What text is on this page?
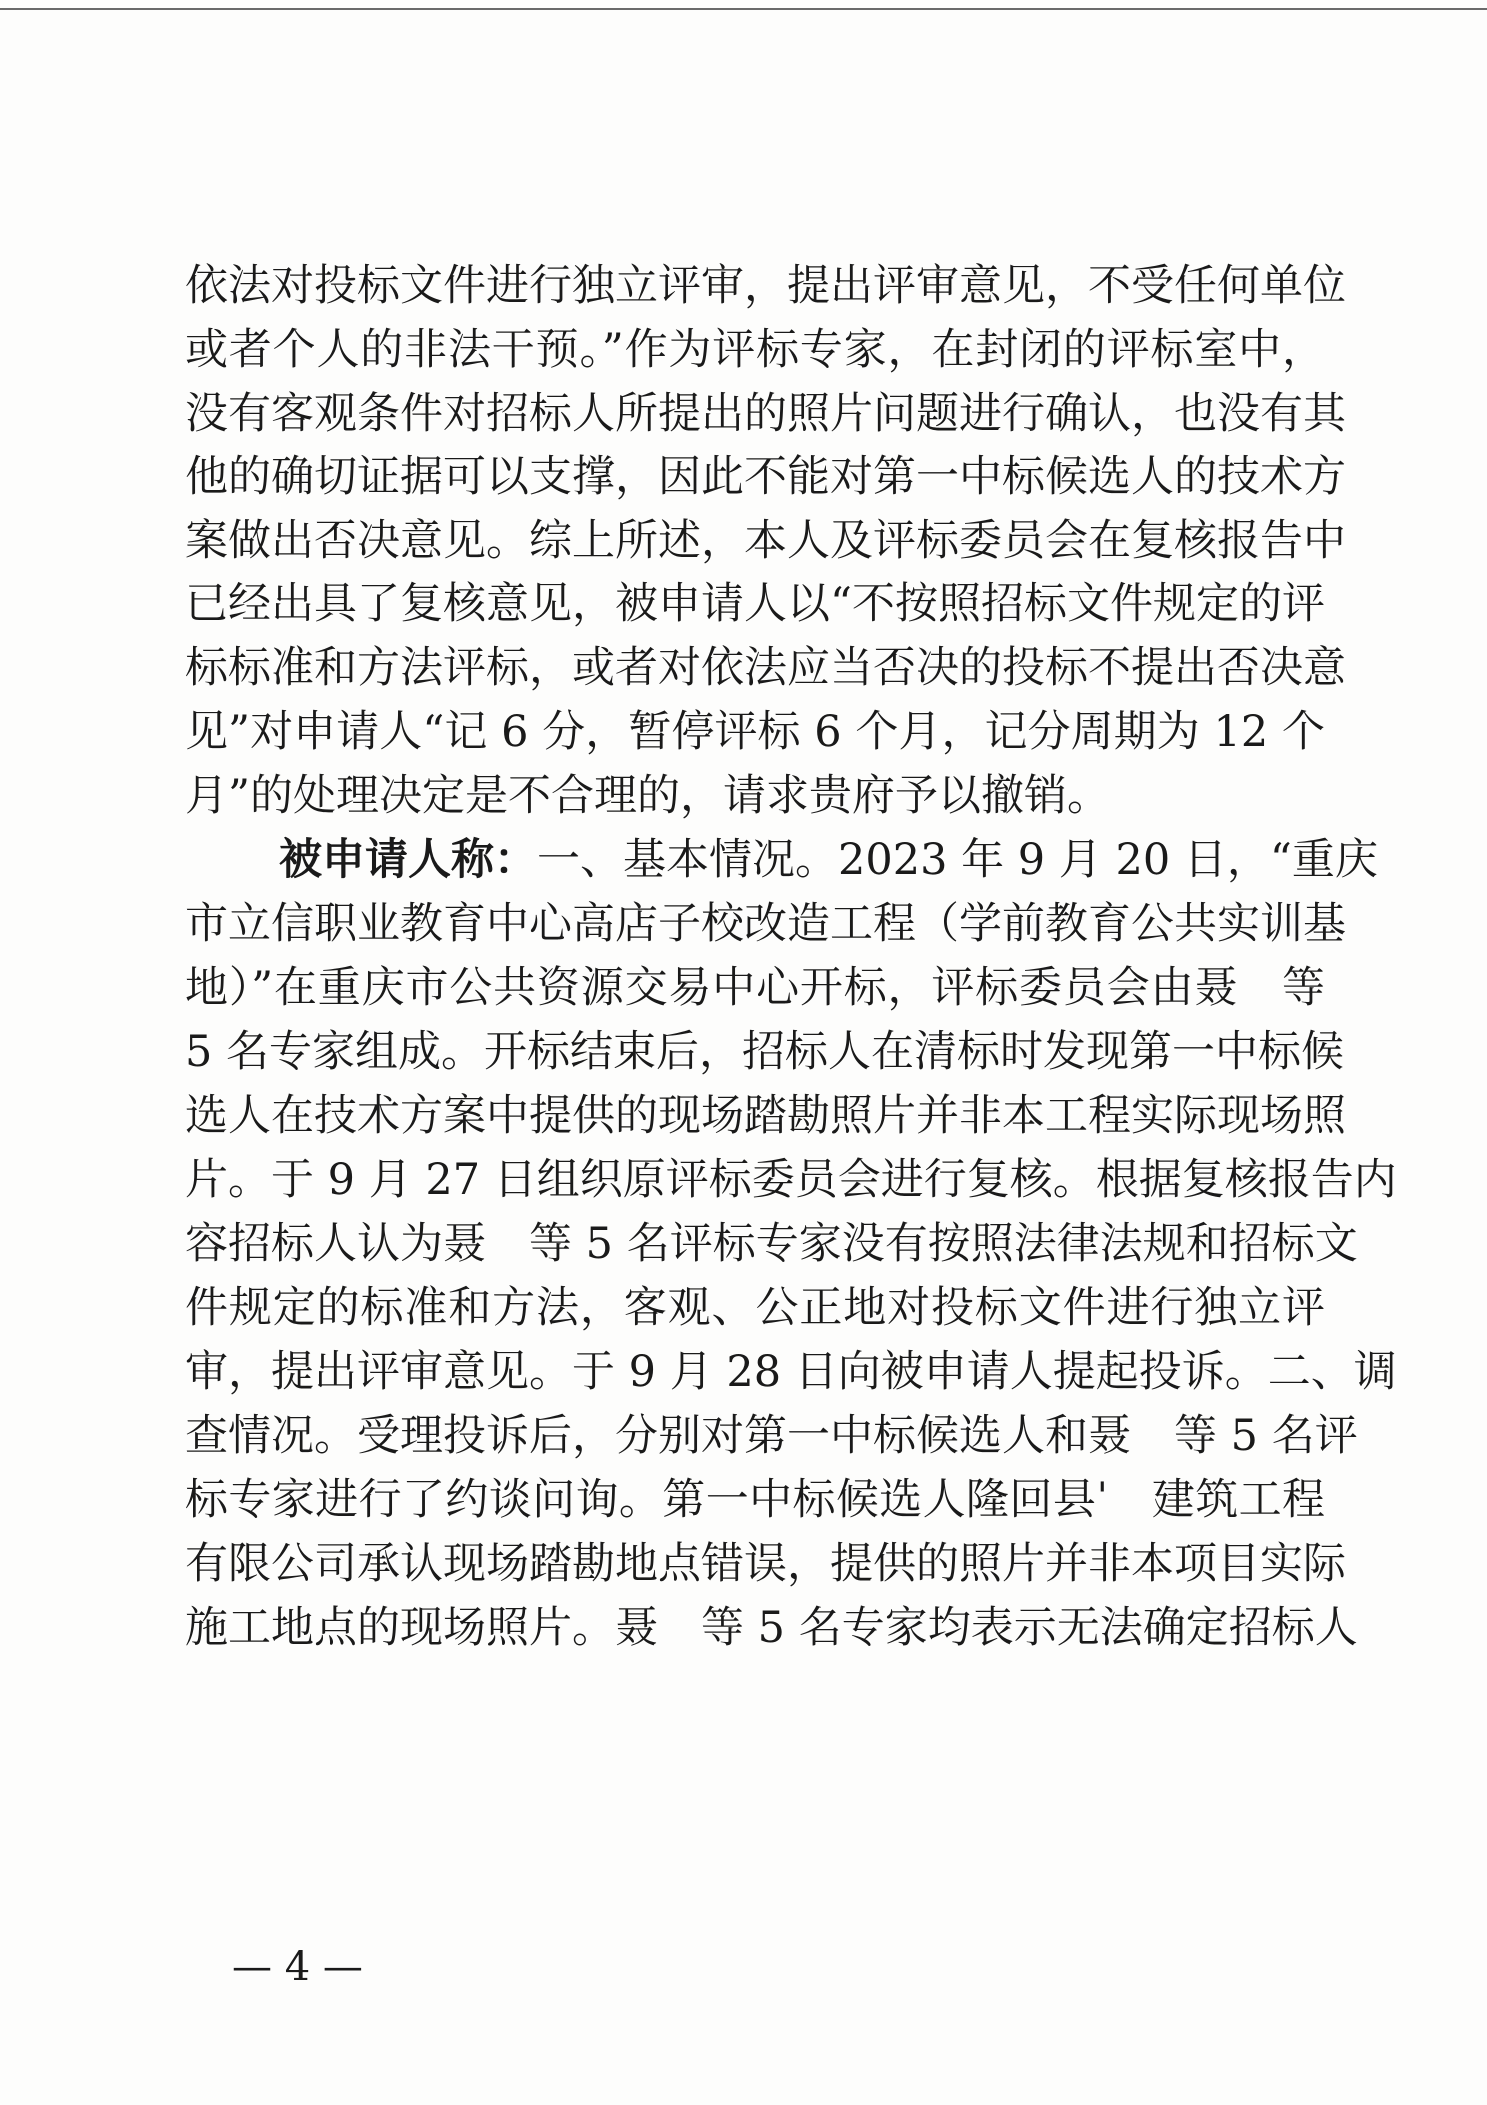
依法对投标文件进行独立评审，提出评审意见，不受任何单位
或者个人的非法干预。”作为评标专家，在封闭的评标室中，
没有客观条件对招标人所提出的照片问题进行确认，也没有其
他的确切证据可以支撑，因此不能对第一中标候选人的技术方
案做出否决意见。综上所述，本人及评标委员会在复核报告中
已经出具了复核意见，被申请人以“不按照招标文件规定的评
标标准和方法评标，或者对依法应当否决的投标不提出否决意
见”对申请人“记 6 分，暂停评标 6 个月，记分周期为 12 个
月”的处理决定是不合理的，请求贵府予以撤销。
被申请人称：一、基本情况。2023 年 9 月 20 日，“重庆
市立信职业教育中心高店子校改造工程（学前教育公共实训基
地）”在重庆市公共资源交易中心开标，评标委员会由聂　等
5 名专家组成。开标结束后，招标人在清标时发现第一中标候
选人在技术方案中提供的现场踏勘照片并非本工程实际现场照
片。于 9 月 27 日组织原评标委员会进行复核。根据复核报告内
容招标人认为聂　等 5 名评标专家没有按照法律法规和招标文
件规定的标准和方法，客观、公正地对投标文件进行独立评
审，提出评审意见。于 9 月 28 日向被申请人提起投诉。二、调
查情况。受理投诉后，分别对第一中标候选人和聂　等 5 名评
标专家进行了约谈问询。第一中标候选人隆回县ˈ　建筑工程
有限公司承认现场踏勘地点错误，提供的照片并非本项目实际
施工地点的现场照片。聂　等 5 名专家均表示无法确定招标人
— 4 —
